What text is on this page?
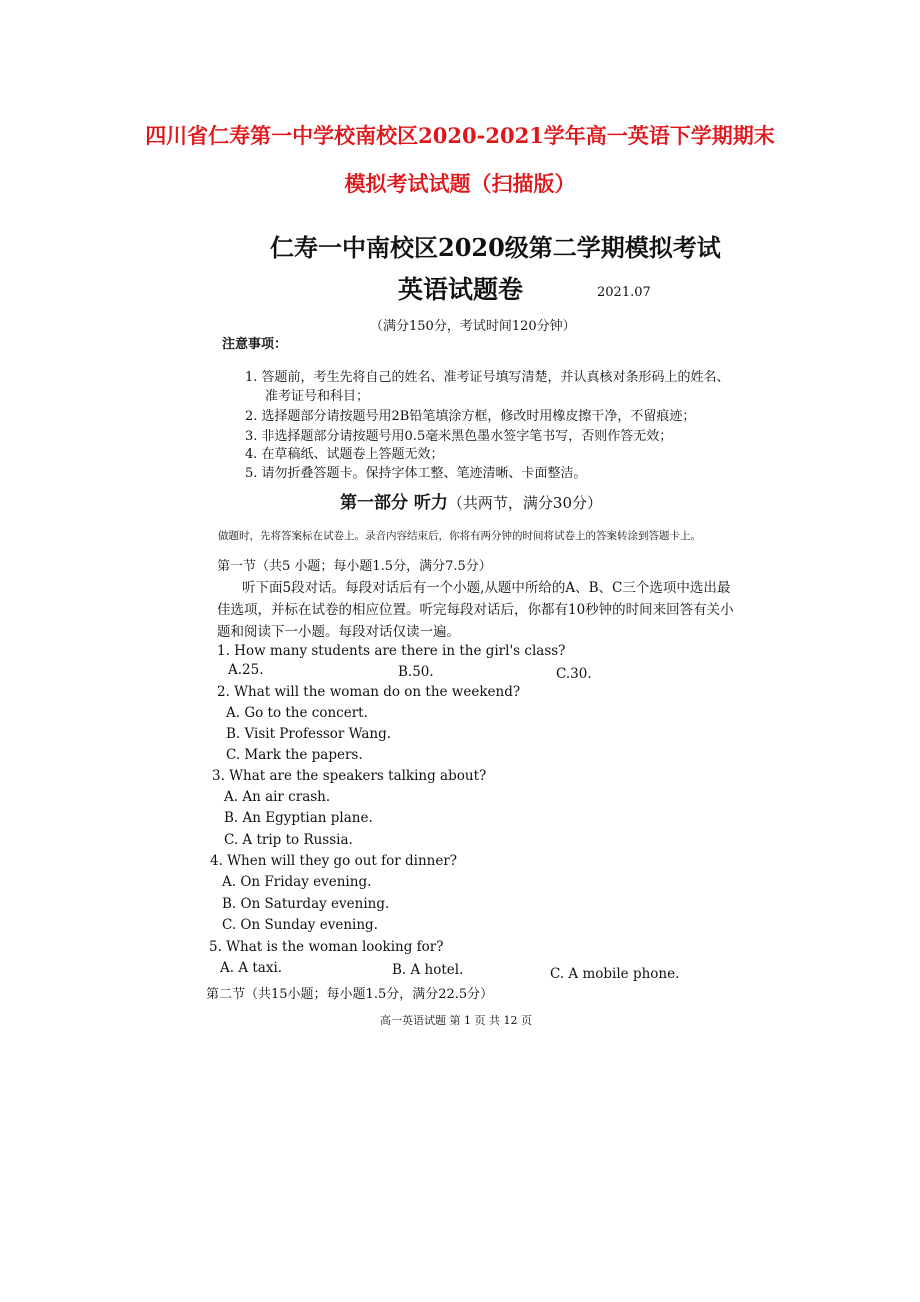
四川省仁寿第一中学校南校区2020-2021学年高一英语下学期期末
模拟考试试题（扫描版）
仁寿一中南校区2020级第二学期模拟考试
英语试题卷	2021.07
（满分150分，考试时间120分钟）
注意事项：
1. 答题前，考生先将自己的姓名、准考证号填写清楚，并认真核对条形码上的姓名、
准考证号和科目；
2. 选择题部分请按题号用2B铅笔填涂方框，修改时用橡皮擦干净，不留痕迹；
3. 非选择题部分请按题号用0.5毫米黑色墨水签字笔书写，否则作答无效；
4. 在草稿纸、试题卷上答题无效；
5. 请勿折叠答题卡。保持字体工整、笔迹清晰、卡面整洁。
第一部分 听力（共两节，满分30分）
做题时，先将答案标在试卷上。录音内容结束后，你将有两分钟的时间将试卷上的答案转涂到答题卡上。
第一节（共5 小题；每小题1.5分，满分7.5分）
听下面5段对话。每段对话后有一个小题,从题中所给的A、B、C三个选项中选出最
佳选项，并标在试卷的相应位置。听完每段对话后，你都有10秒钟的时间来回答有关小
题和阅读下一小题。每段对话仅读一遍。
1. How many students are there in the girl's class?
A.25.	B.50.	C.30.
2. What will the woman do on the weekend?
A. Go to the concert.
B. Visit Professor Wang.
C. Mark the papers.
3. What are the speakers talking about?
A. An air crash.
B. An Egyptian plane.
C. A trip to Russia.
4. When will they go out for dinner?
A. On Friday evening.
B. On Saturday evening.
C. On Sunday evening.
5. What is the woman looking for?
A. A taxi.	B. A hotel.	C. A mobile phone.
第二节（共15小题；每小题1.5分，满分22.5分）
高一英语试题 第 1 页 共 12 页
